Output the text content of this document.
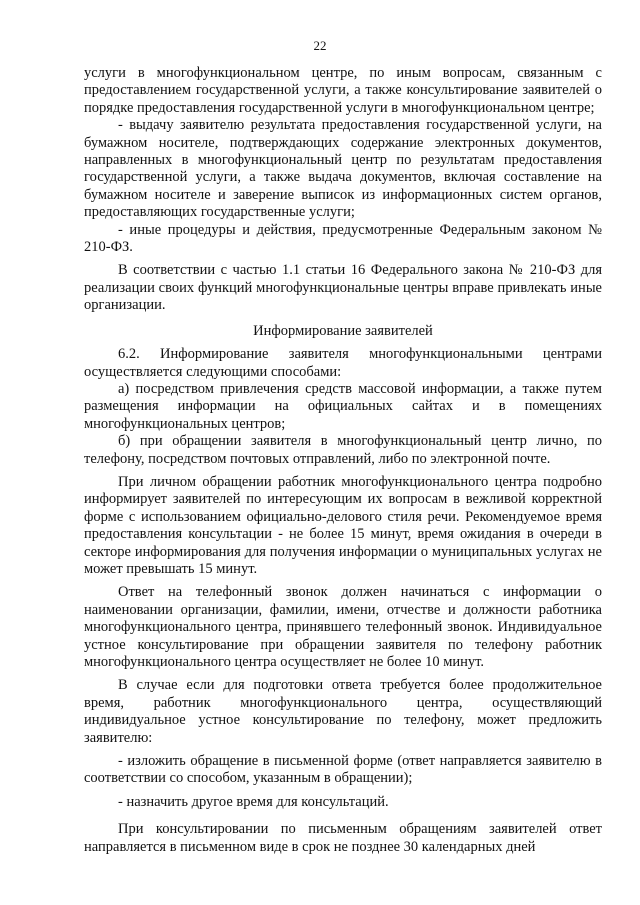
22

услуги в многофункциональном центре, по иным вопросам, связанным с предоставлением государственной услуги, а также консультирование заявителей о порядке предоставления государственной услуги в многофункциональном центре;

- выдачу заявителю результата предоставления государственной услуги, на бумажном носителе, подтверждающих содержание электронных документов, направленных в многофункциональный центр по результатам предоставления государственной услуги, а также выдача документов, включая составление на бумажном носителе и заверение выписок из информационных систем органов, предоставляющих государственные услуги;

- иные процедуры и действия, предусмотренные Федеральным законом № 210-ФЗ.

В соответствии с частью 1.1 статьи 16 Федерального закона № 210-ФЗ для реализации своих функций многофункциональные центры вправе привлекать иные организации.

Информирование заявителей

6.2. Информирование заявителя многофункциональными центрами осуществляется следующими способами:

а) посредством привлечения средств массовой информации, а также путем размещения информации на официальных сайтах и в помещениях многофункциональных центров;

б) при обращении заявителя в многофункциональный центр лично, по телефону, посредством почтовых отправлений, либо по электронной почте.

При личном обращении работник многофункционального центра подробно информирует заявителей по интересующим их вопросам в вежливой корректной форме с использованием официально-делового стиля речи. Рекомендуемое время предоставления консультации - не более 15 минут, время ожидания в очереди в секторе информирования для получения информации о муниципальных услугах не может превышать 15 минут.

Ответ на телефонный звонок должен начинаться с информации о наименовании организации, фамилии, имени, отчестве и должности работника многофункционального центра, принявшего телефонный звонок. Индивидуальное устное консультирование при обращении заявителя по телефону работник многофункционального центра осуществляет не более 10 минут.

В случае если для подготовки ответа требуется более продолжительное время, работник многофункционального центра, осуществляющий индивидуальное устное консультирование по телефону, может предложить заявителю:

- изложить обращение в письменной форме (ответ направляется заявителю в соответствии со способом, указанным в обращении);

- назначить другое время для консультаций.

При консультировании по письменным обращениям заявителей ответ направляется в письменном виде в срок не позднее 30 календарных дней
